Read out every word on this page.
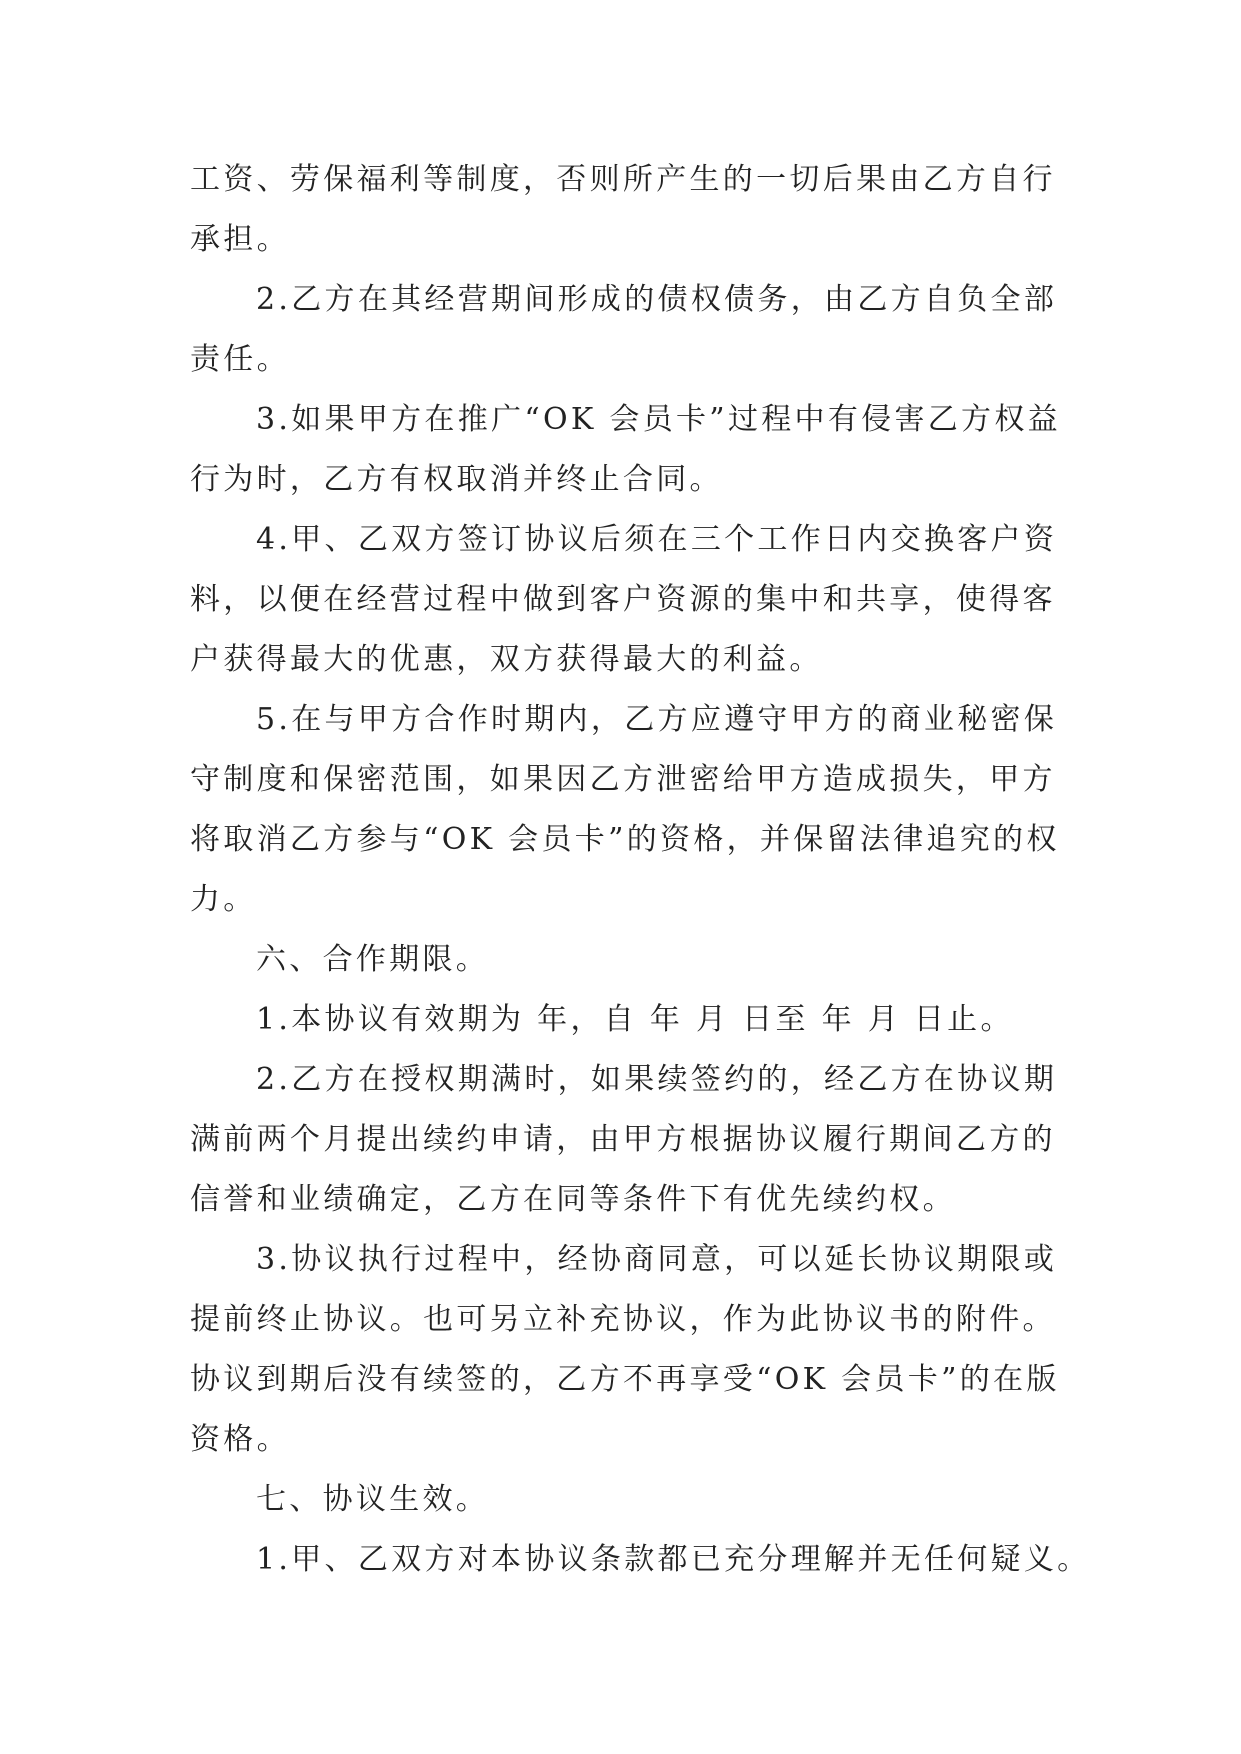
工资、劳保福利等制度，否则所产生的一切后果由乙方自行
承担。
2.乙方在其经营期间形成的债权债务，由乙方自负全部
责任。
3.如果甲方在推广“OK 会员卡”过程中有侵害乙方权益
行为时，乙方有权取消并终止合同。
4.甲、乙双方签订协议后须在三个工作日内交换客户资
料，以便在经营过程中做到客户资源的集中和共享，使得客
户获得最大的优惠，双方获得最大的利益。
5.在与甲方合作时期内，乙方应遵守甲方的商业秘密保
守制度和保密范围，如果因乙方泄密给甲方造成损失，甲方
将取消乙方参与“OK 会员卡”的资格，并保留法律追究的权
力。
六、合作期限。
1.本协议有效期为 年，自 年 月 日至 年 月 日止。
2.乙方在授权期满时，如果续签约的，经乙方在协议期
满前两个月提出续约申请，由甲方根据协议履行期间乙方的
信誉和业绩确定，乙方在同等条件下有优先续约权。
3.协议执行过程中，经协商同意，可以延长协议期限或
提前终止协议。也可另立补充协议，作为此协议书的附件。
协议到期后没有续签的，乙方不再享受“OK 会员卡”的在版
资格。
七、协议生效。
1.甲、乙双方对本协议条款都已充分理解并无任何疑义。
